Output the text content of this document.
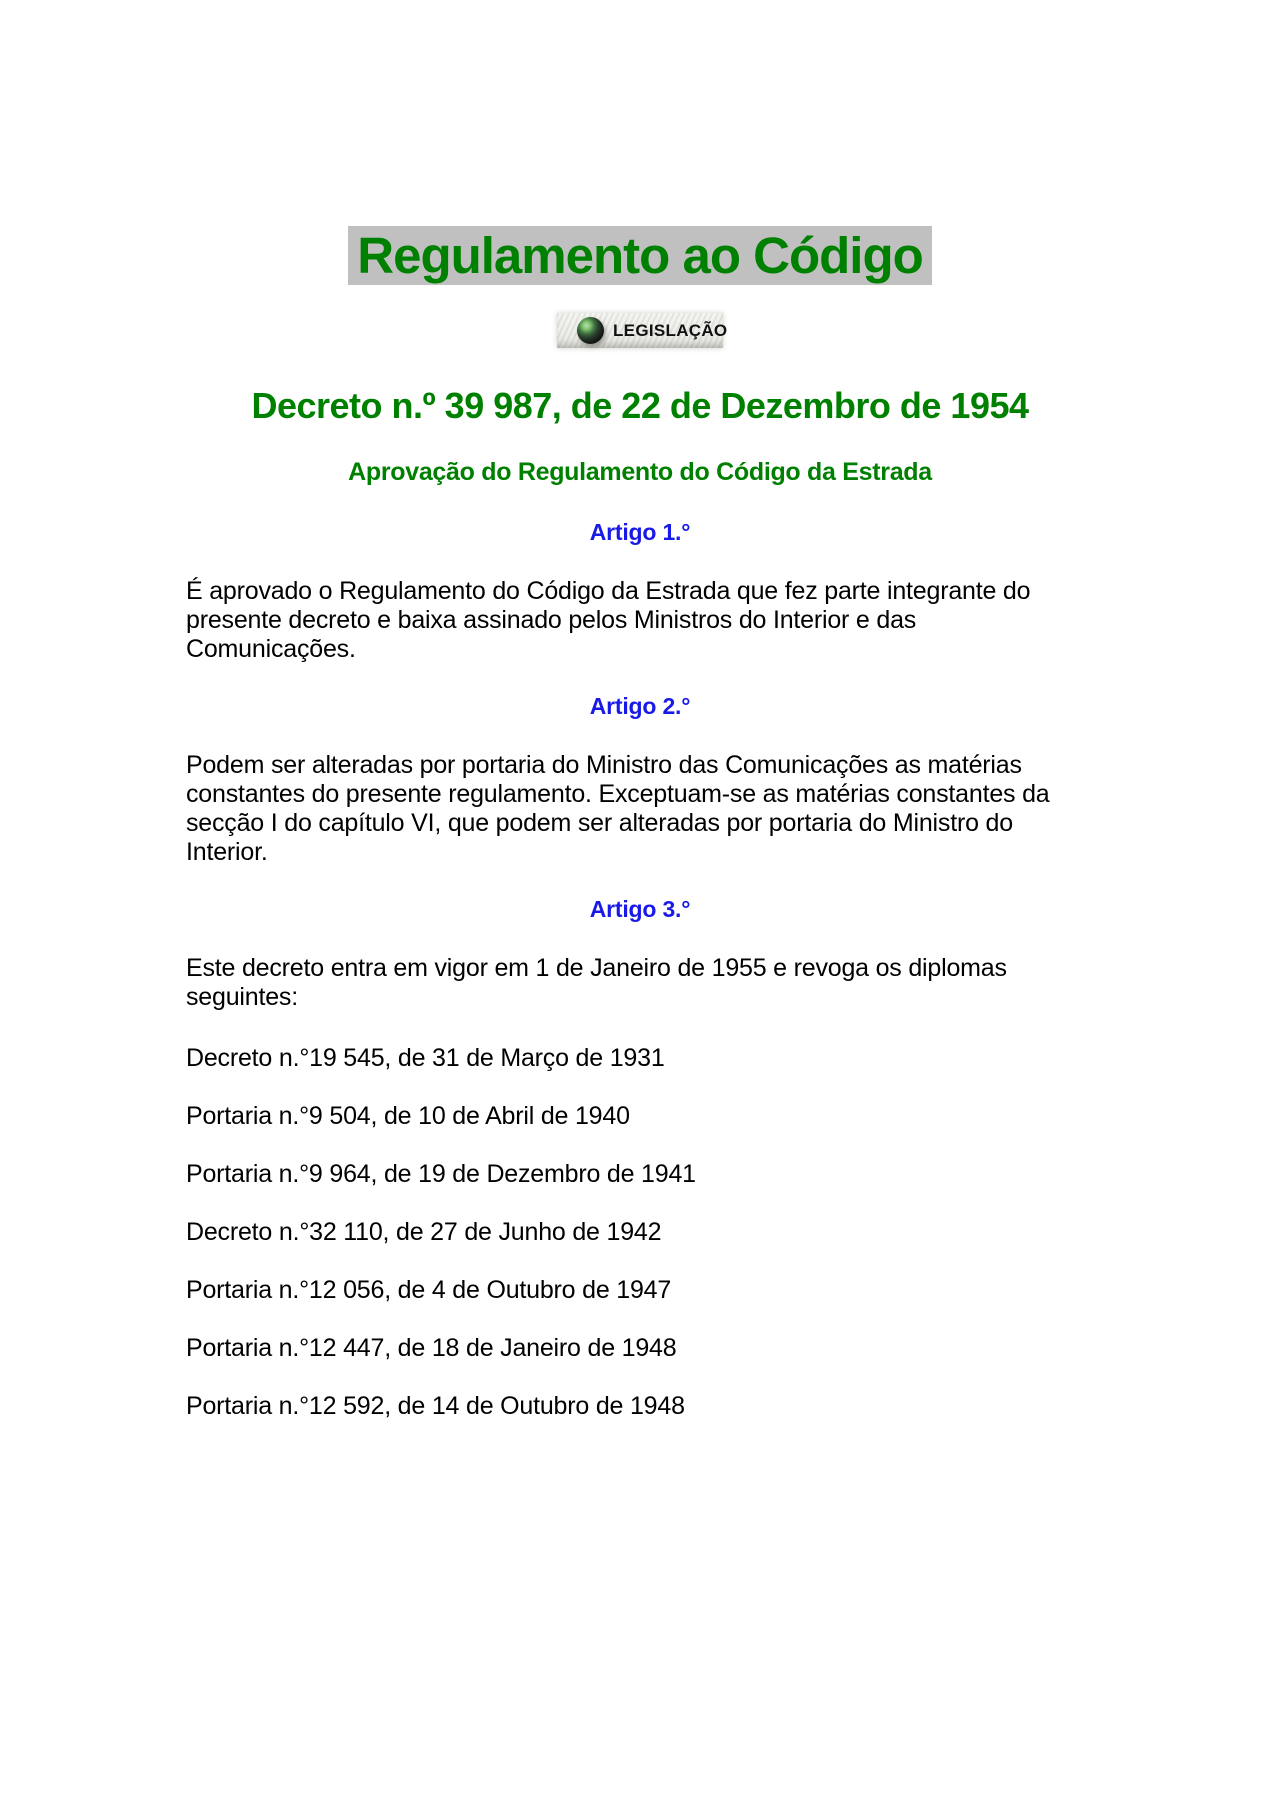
Regulamento ao Código
LEGISLAÇÃO
Decreto n.º 39 987, de 22 de Dezembro de 1954
Aprovação do Regulamento do Código da Estrada
Artigo 1.°

É aprovado o Regulamento do Código da Estrada que fez parte integrante do
presente decreto e baixa assinado pelos Ministros do Interior e das
Comunicações.

Artigo 2.°

Podem ser alteradas por portaria do Ministro das Comunicações as matérias
constantes do presente regulamento. Exceptuam-se as matérias constantes da
secção I do capítulo VI, que podem ser alteradas por portaria do Ministro do
Interior.

Artigo 3.°

Este decreto entra em vigor em 1 de Janeiro de 1955 e revoga os diplomas
seguintes:

Decreto n.°19 545, de 31 de Março de 1931

Portaria n.°9 504, de 10 de Abril de 1940

Portaria n.°9 964, de 19 de Dezembro de 1941

Decreto n.°32 110, de 27 de Junho de 1942

Portaria n.°12 056, de 4 de Outubro de 1947

Portaria n.°12 447, de 18 de Janeiro de 1948

Portaria n.°12 592, de 14 de Outubro de 1948
